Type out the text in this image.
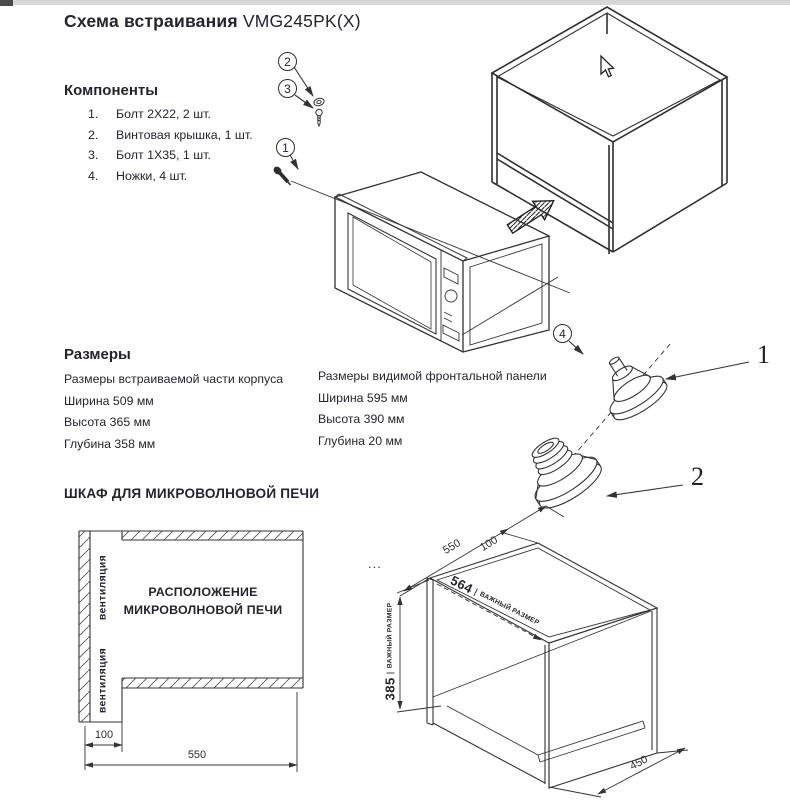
Схема встраивания VMG245PK(X)
Компоненты
1. Болт 2X22, 2 шт.
2. Винтовая крышка, 1 шт.
3. Болт 1X35, 1 шт.
4. Ножки, 4 шт.
Размеры
Размеры встраиваемой части корпуса
Ширина 509 мм
Высота 365 мм
Глубина 358 мм
Размеры видимой фронтальной панели
Ширина 595 мм
Высота 390 мм
Глубина 20 мм
ШКАФ ДЛЯ МИКРОВОЛНОВОЙ ПЕЧИ
1
2
3
4
1
2
вентиляция
вентиляция
РАСПОЛОЖЕНИЕ
МИКРОВОЛНОВОЙ ПЕЧИ
100
550
550	100
564
ВАЖНЫЙ РАЗМЕР
385
ВАЖНЫЙ РАЗМЕР
450
...
